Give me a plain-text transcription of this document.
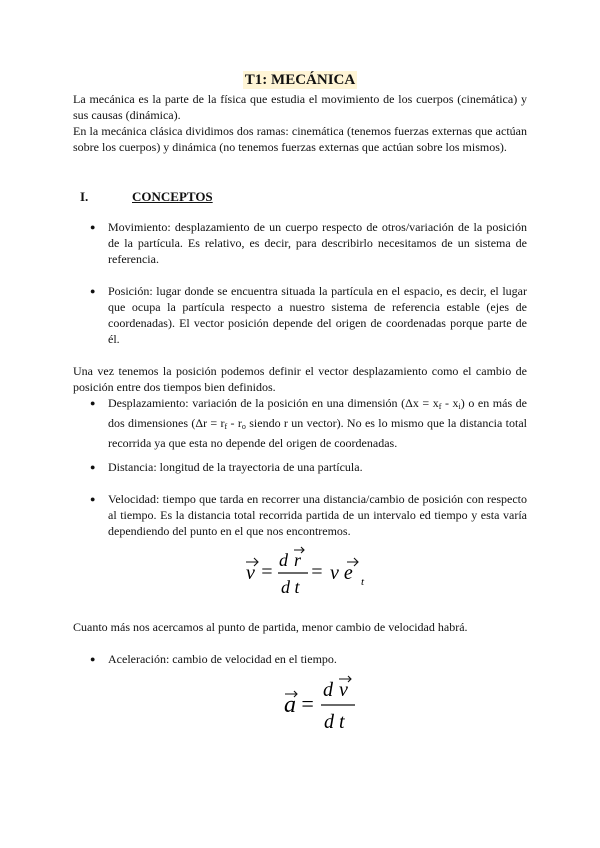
T1: MECÁNICA

La mecánica es la parte de la física que estudia el movimiento de los cuerpos (cinemática) y sus causas (dinámica).

En la mecánica clásica dividimos dos ramas: cinemática (tenemos fuerzas externas que actúan sobre los cuerpos) y dinámica (no tenemos fuerzas externas que actúan sobre los mismos).

I.	CONCEPTOS
● Movimiento: desplazamiento de un cuerpo respecto de otros/variación de la posición de la partícula. Es relativo, es decir, para describirlo necesitamos de un sistema de referencia.

● Posición: lugar donde se encuentra situada la partícula en el espacio, es decir, el lugar que ocupa la partícula respecto a nuestro sistema de referencia estable (ejes de coordenadas). El vector posición depende del origen de coordenadas porque parte de él.

Una vez tenemos la posición podemos definir el vector desplazamiento como el cambio de posición entre dos tiempos bien definidos.

● Desplazamiento: variación de la posición en una dimensión $(\Delta x = x_f - x_i)$ o en más de dos dimensiones ($\Delta r = r_f - r_o$ siendo r un vector). No es lo mismo que la distancia total recorrida ya que esta no depende del origen de coordenadas.

● Distancia: longitud de la trayectoria de una partícula.

● Velocidad: tiempo que tarda en recorrer una distancia/cambio de posición con respecto al tiempo. Es la distancia total recorrida partida de un intervalo ed tiempo y esta varía dependiendo del punto en el que nos encontremos.

v =
d r
d t
= v e t

Cuanto más nos acercamos al punto de partida, menor cambio de velocidad habrá.

● Aceleración: cambio de velocidad en el tiempo.

a =
d v
d t
